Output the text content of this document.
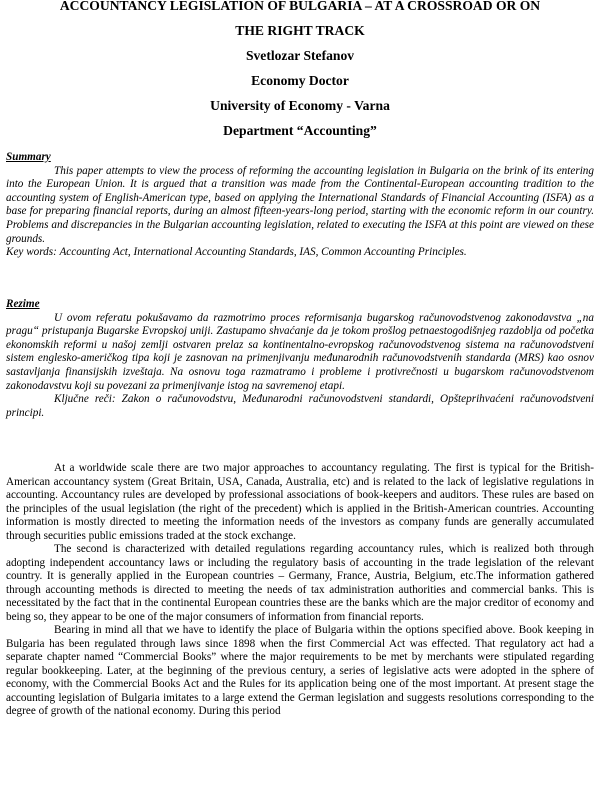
ACCOUNTANCY LEGISLATION OF BULGARIA – AT A CROSSROAD OR ON
THE RIGHT TRACK
Svetlozar Stefanov
Economy Doctor
University of Economy - Varna
Department “Accounting”
Summary

This paper attempts to view the process of reforming the accounting legislation in Bulgaria on the brink of its entering into the European Union. It is argued that a transition was made from the Continental-European accounting tradition to the accounting system of English-American type, based on applying the International Standards of Financial Accounting (ISFA) as a base for preparing financial reports, during an almost fifteen-years-long period, starting with the economic reform in our country. Problems and discrepancies in the Bulgarian accounting legislation, related to executing the ISFA at this point are viewed on these grounds.

Key words: Accounting Act, International Accounting Standards, IAS, Common Accounting Principles.

Rezime

U ovom referatu pokušavamo da razmotrimo proces reformisanja bugarskog računovodstvenog zakonodavstva „na pragu“ pristupanja Bugarske Evropskoj uniji. Zastupamo shvaćanje da je tokom prošlog petnaestogodišnjeg razdoblja od početka ekonomskih reformi u našoj zemlji ostvaren prelaz sa kontinentalno-evropskog računovodstvenog sistema na računovodstveni sistem englesko-američkog tipa koji je zasnovan na primenjivanju međunarodnih računovodstvenih standarda (MRS) kao osnov sastavljanja finansijskih izveštaja. Na osnovu toga razmatramo i probleme i protivrečnosti u bugarskom računovodstvenom zakonodavstvu koji su povezani za primenjivanje istog na savremenoj etapi.

Ključne reči: Zakon o računovodstvu, Međunarodni računovodstveni standardi, Opšteprihvaćeni računovodstveni principi.

At a worldwide scale there are two major approaches to accountancy regulating. The first is typical for the British-American accountancy system (Great Britain, USA, Canada, Australia, etc) and is related to the lack of legislative regulations in accounting. Accountancy rules are developed by professional associations of book-keepers and auditors. These rules are based on the principles of the usual legislation (the right of the precedent) which is applied in the British-American countries. Accounting information is mostly directed to meeting the information needs of the investors as company funds are generally accumulated through securities public emissions traded at the stock exchange.

The second is characterized with detailed regulations regarding accountancy rules, which is realized both through adopting independent accountancy laws or including the regulatory basis of accounting in the trade legislation of the relevant country. It is generally applied in the European countries – Germany, France, Austria, Belgium, etc.The information gathered through accounting methods is directed to meeting the needs of tax administration authorities and commercial banks. This is necessitated by the fact that in the continental European countries these are the banks which are the major creditor of economy and being so, they appear to be one of the major consumers of information from financial reports.

Bearing in mind all that we have to identify the place of Bulgaria within the options specified above. Book keeping in Bulgaria has been regulated through laws since 1898 when the first Commercial Act was effected. That regulatory act had a separate chapter named “Commercial Books” where the major requirements to be met by merchants were stipulated regarding regular bookkeeping. Later, at the beginning of the previous century, a series of legislative acts were adopted in the sphere of economy, with the Commercial Books Act and the Rules for its application being one of the most important. At present stage the accounting legislation of Bulgaria imitates to a large extend the German legislation and suggests resolutions corresponding to the degree of growth of the national economy. During this period
